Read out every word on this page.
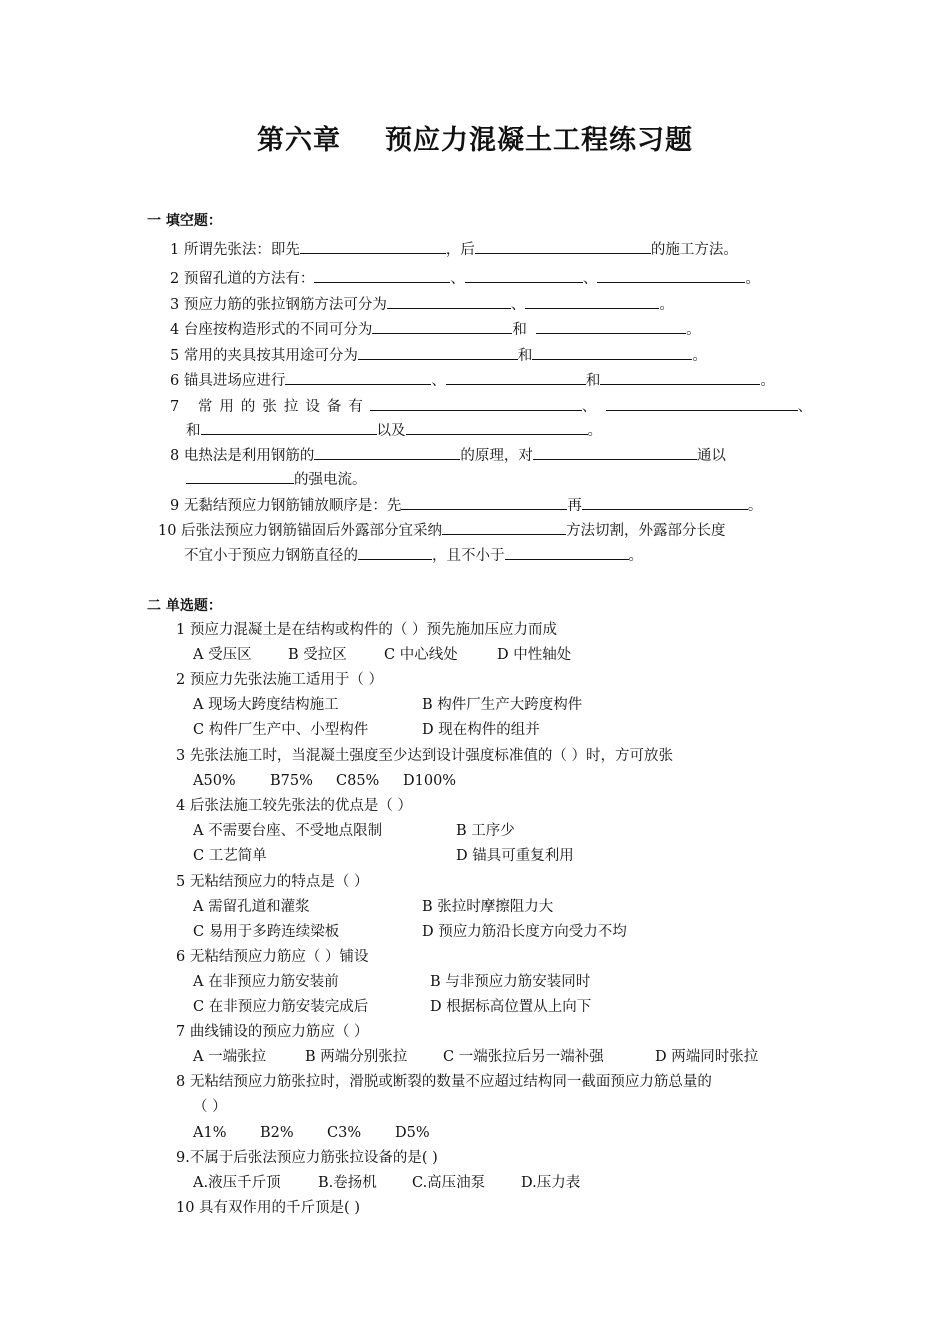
第六章 预应力混凝土工程练习题
一 填空题：
1 所谓先张法：即先	，后	的施工方法。
2 预留孔道的方法有：	、	、	。
3 预应力筋的张拉钢筋方法可分为	、	。
4 台座按构造形式的不同可分为	和	。
5 常用的夹具按其用途可分为	和	。
6 锚具进场应进行	、	和	。
7 常用的张拉设备有	、	、
和	以及	。
8 电热法是利用钢筋的	的原理，对	通以
的强电流。
9 无黏结预应力钢筋铺放顺序是：先	再	。
10 后张法预应力钢筋锚固后外露部分宜采纳	方法切割，外露部分长度
不宜小于预应力钢筋直径的	，且不小于	。
二 单选题：
1 预应力混凝土是在结构或构件的（ ）预先施加压应力而成
A 受压区	B 受拉区	C 中心线处	D 中性轴处
2 预应力先张法施工适用于（ ）
A 现场大跨度结构施工	B 构件厂生产大跨度构件
C 构件厂生产中、小型构件	D 现在构件的组并
3 先张法施工时，当混凝土强度至少达到设计强度标准值的（ ）时，方可放张
A50% B75% C85% D100%
4 后张法施工较先张法的优点是（ ）
A 不需要台座、不受地点限制	B 工序少
C 工艺简单	D 锚具可重复利用
5 无粘结预应力的特点是（ ）
A 需留孔道和灌浆	B 张拉时摩擦阻力大
C 易用于多跨连续梁板	D 预应力筋沿长度方向受力不均
6 无粘结预应力筋应（ ）铺设
A 在非预应力筋安装前	B 与非预应力筋安装同时
C 在非预应力筋安装完成后	D 根据标高位置从上向下
7 曲线铺设的预应力筋应（ ）
A 一端张拉	B 两端分别张拉 C 一端张拉后另一端补强	D 两端同时张拉
8 无粘结预应力筋张拉时，滑脱或断裂的数量不应超过结构同一截面预应力筋总量的
（ ）
A1% B2% C3% D5%
9.不属于后张法预应力筋张拉设备的是( )
A.液压千斤顶	B.卷扬机 C.高压油泵 D.压力表
10 具有双作用的千斤顶是( )
